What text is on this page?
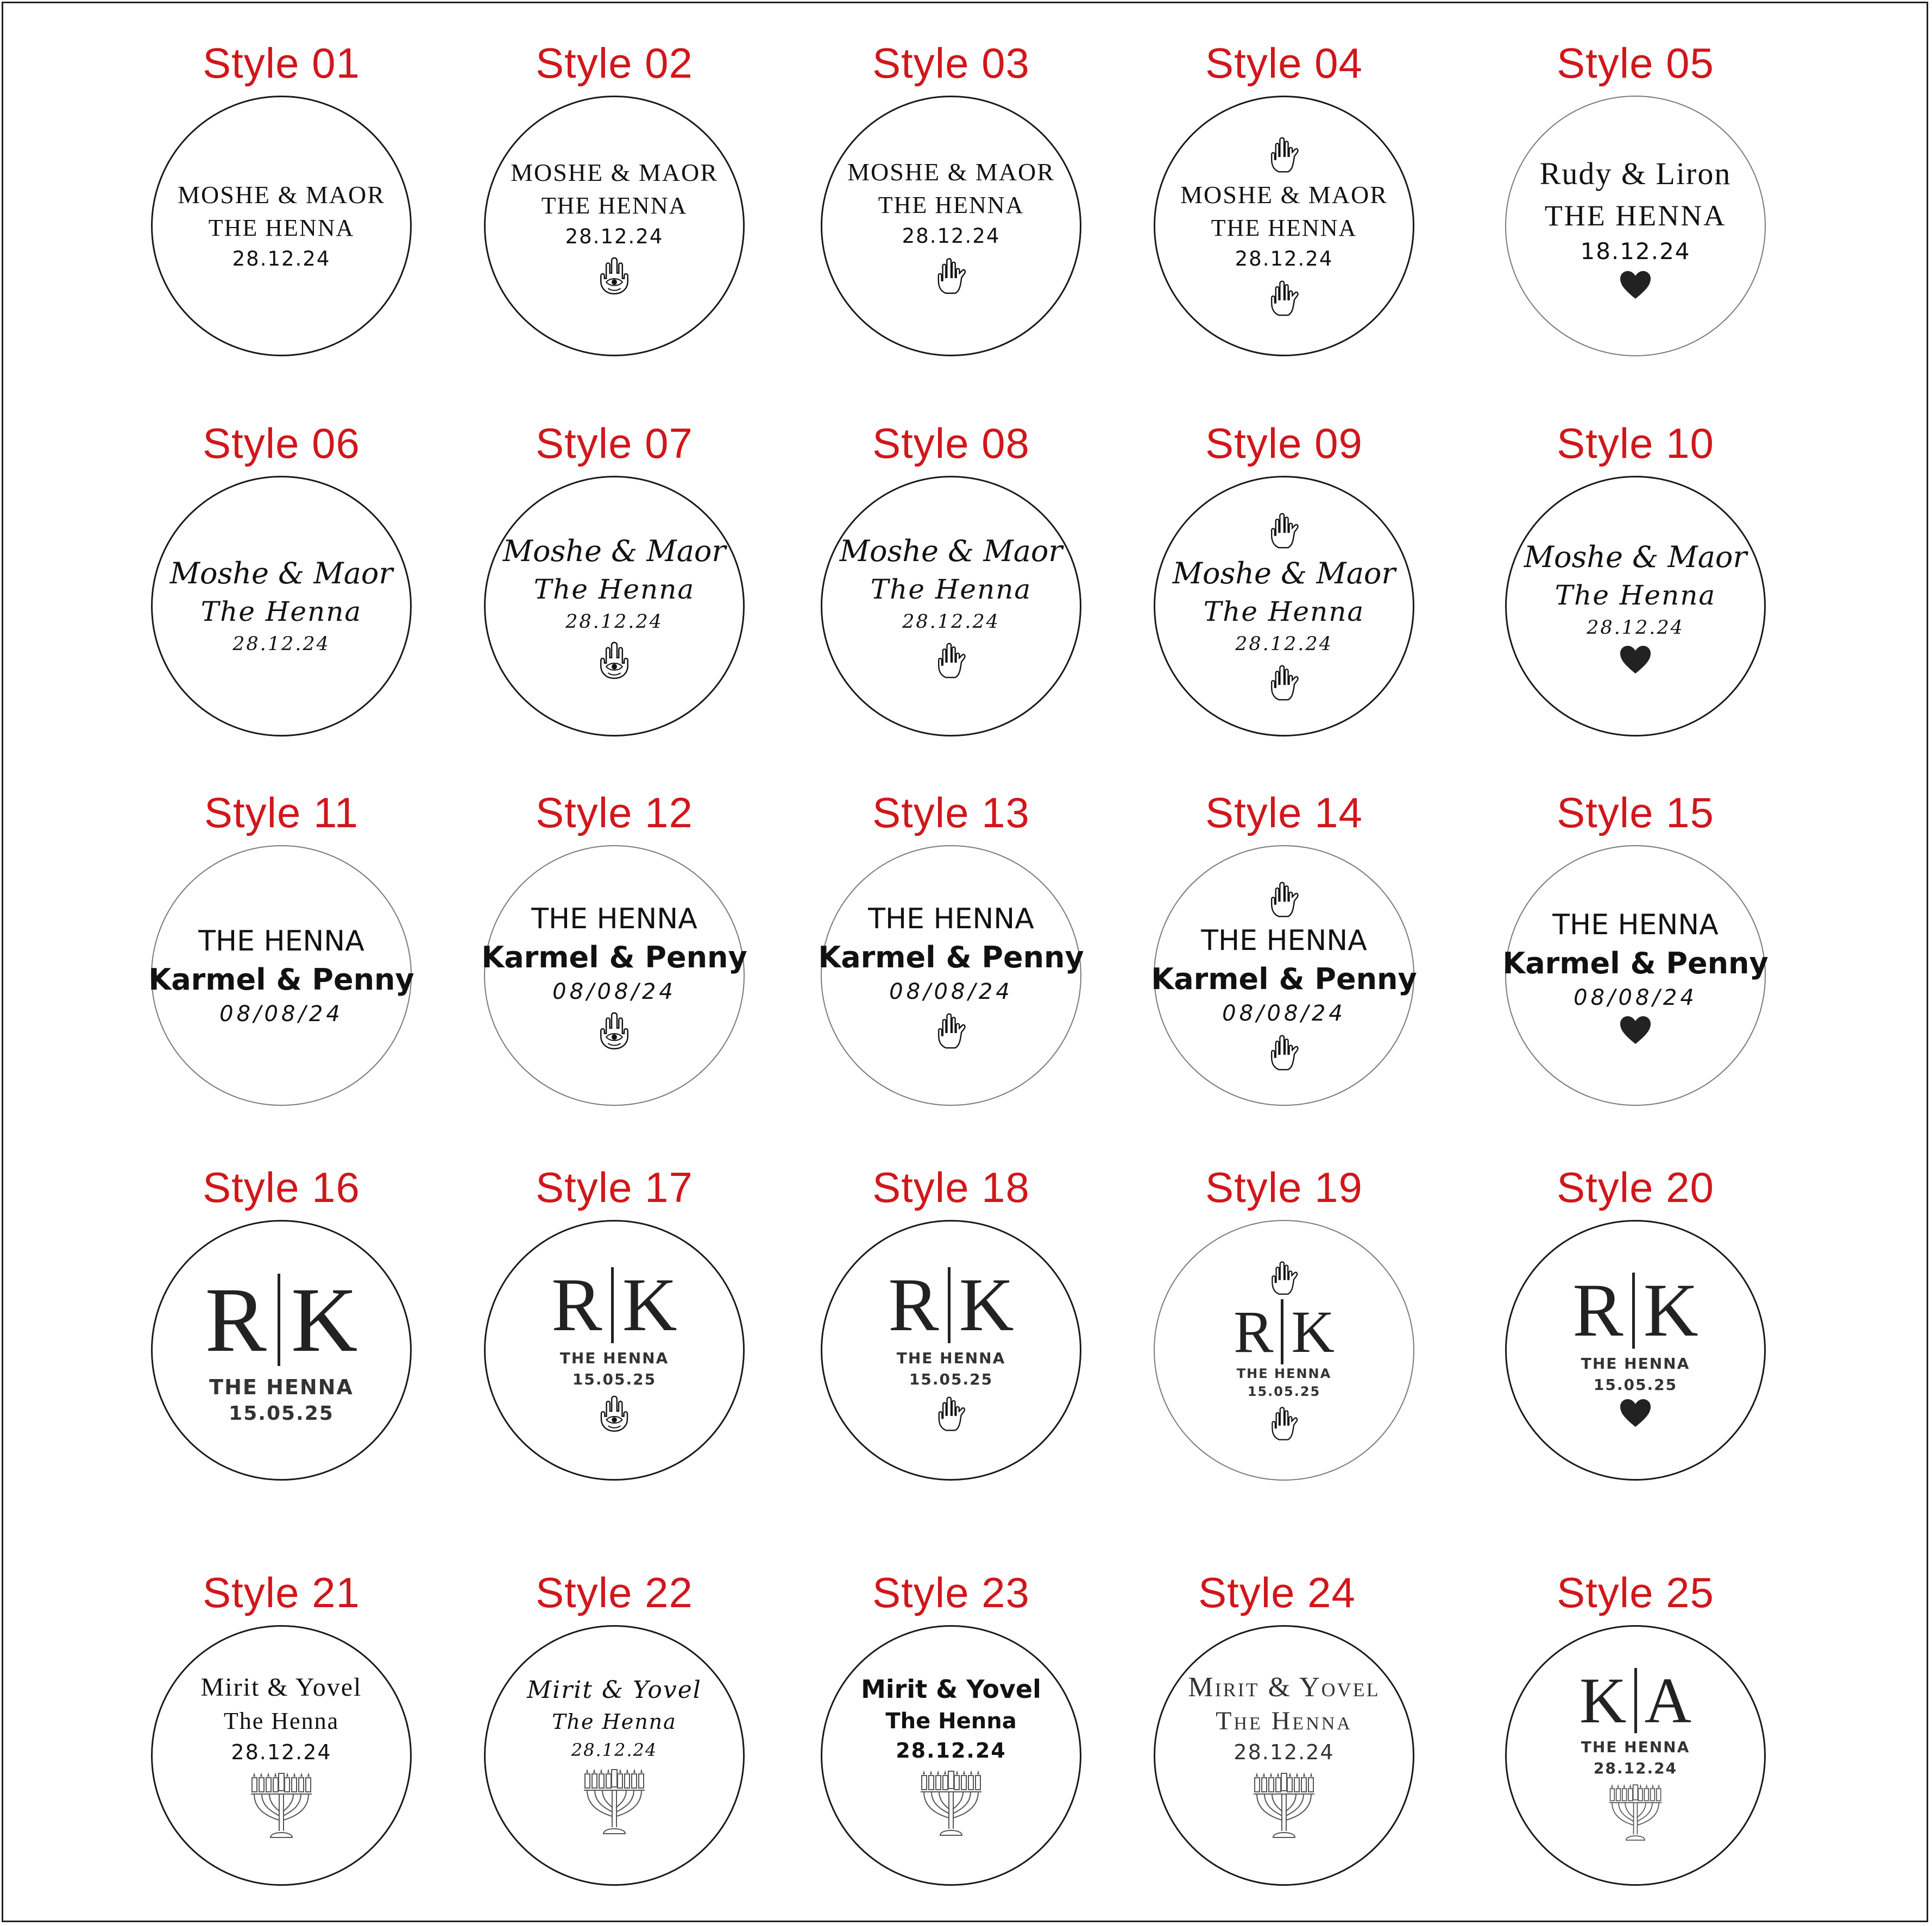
Style 01
MOSHE & MAOR
THE HENNA
28.12.24
Style 02
MOSHE & MAOR
THE HENNA
28.12.24
Style 03
MOSHE & MAOR
THE HENNA
28.12.24
Style 04
MOSHE & MAOR
THE HENNA
28.12.24
Style 05
Rudy & Liron
THE HENNA
18.12.24
Style 06
Moshe & Maor
The Henna
28.12.24
Style 07
Moshe & Maor
The Henna
28.12.24
Style 08
Moshe & Maor
The Henna
28.12.24
Style 09
Moshe & Maor
The Henna
28.12.24
Style 10
Moshe & Maor
The Henna
28.12.24
Style 11
THE HENNA
Karmel & Penny
08/08/24
Style 12
THE HENNA
Karmel & Penny
08/08/24
Style 13
THE HENNA
Karmel & Penny
08/08/24
Style 14
THE HENNA
Karmel & Penny
08/08/24
Style 15
THE HENNA
Karmel & Penny
08/08/24
Style 16
R K
THE HENNA
15.05.25
Style 17
R K
THE HENNA
15.05.25
Style 18
R K
THE HENNA
15.05.25
Style 19
R K
THE HENNA
15.05.25
Style 20
R K
THE HENNA
15.05.25
Style 21
Mirit & Yovel
The Henna
28.12.24
Style 22
Mirit & Yovel
The Henna
28.12.24
Style 23
Mirit & Yovel
The Henna
28.12.24
Style 24
Mirit & Yovel
The Henna
28.12.24
Style 25
K A
THE HENNA
28.12.24
